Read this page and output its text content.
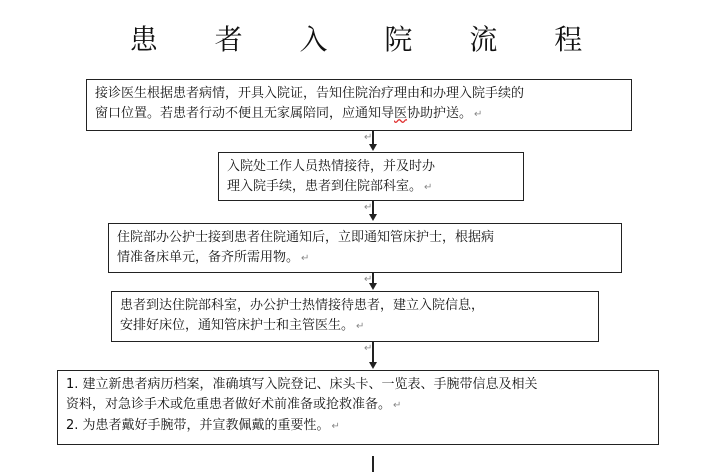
患 者 入 院 流 程

接诊医生根据患者病情，开具入院证，告知住院治疗理由和办理入院手续的

窗口位置。若患者行动不便且无家属陪同，应通知导医协助护送。 ↵

↵

入院处工作人员热情接待，并及时办

理入院手续，患者到住院部科室。 ↵

↵

住院部办公护士接到患者住院通知后，立即通知管床护士，根据病

情准备床单元，备齐所需用物。 ↵

↵

患者到达住院部科室，办公护士热情接待患者，建立入院信息，

安排好床位，通知管床护士和主管医生。 ↵

↵

1. 建立新患者病历档案，准确填写入院登记、床头卡、一览表、手腕带信息及相关

资料，对急诊手术或危重患者做好术前准备或抢救准备。 ↵

2. 为患者戴好手腕带，并宣教佩戴的重要性。 ↵
